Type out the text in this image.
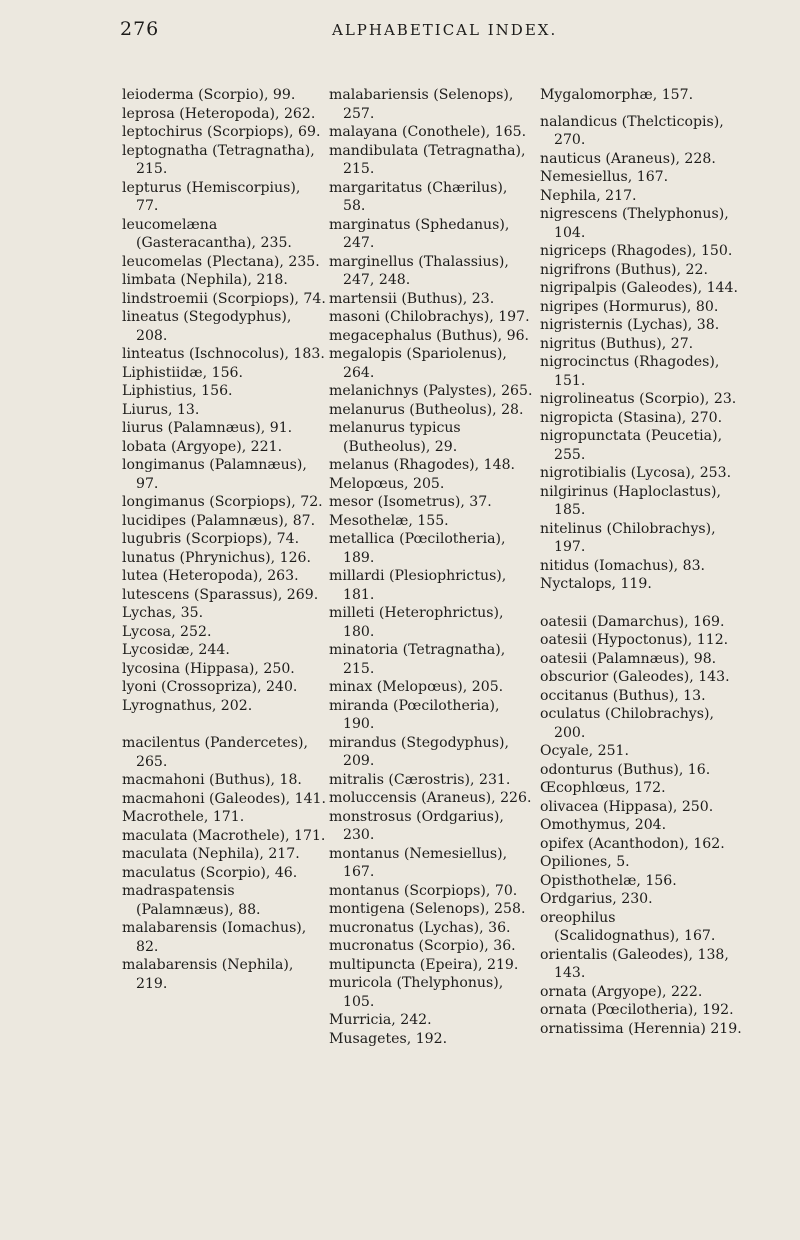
276	ALPHABETICAL INDEX.

leioderma (Scorpio), 99.

leprosa (Heteropoda), 262.

leptochirus (Scorpiops), 69.

leptognatha (Tetragnatha), 215.

lepturus (Hemiscorpius), 77.

leucomelæna (Gasteracantha), 235.

leucomelas (Plectana), 235.

limbata (Nephila), 218.

lindstroemii (Scorpiops), 74.

lineatus (Stegodyphus), 208.

linteatus (Ischnocolus), 183.

Liphistiidæ, 156.

Liphistius, 156.

Liurus, 13.

liurus (Palamnæus), 91.

lobata (Argyope), 221.

longimanus (Palamnæus), 97.

longimanus (Scorpiops), 72.

lucidipes (Palamnæus), 87.

lugubris (Scorpiops), 74.

lunatus (Phrynichus), 126.

lutea (Heteropoda), 263.

lutescens (Sparassus), 269.

Lychas, 35.

Lycosa, 252.

Lycosidæ, 244.

lycosina (Hippasa), 250.

lyoni (Crossopriza), 240.

Lyrognathus, 202.

macilentus (Pandercetes), 265.

macmahoni (Buthus), 18.

macmahoni (Galeodes), 141.

Macrothele, 171.

maculata (Macrothele), 171.

maculata (Nephila), 217.

maculatus (Scorpio), 46.

madraspatensis (Palamnæus), 88.

malabarensis (Iomachus), 82.

malabarensis (Nephila), 219.

malabariensis (Selenops), 257.

malayana (Conothele), 165.

mandibulata (Tetragnatha), 215.

margaritatus (Chærilus), 58.

marginatus (Sphedanus), 247.

marginellus (Thalassius), 247, 248.

martensii (Buthus), 23.

masoni (Chilobrachys), 197.

megacephalus (Buthus), 96.

megalopis (Spariolenus), 264.

melanichnys (Palystes), 265.

melanurus (Butheolus), 28.

melanurus typicus (Butheolus), 29.

melanus (Rhagodes), 148.

Melopœus, 205.

mesor (Isometrus), 37.

Mesothelæ, 155.

metallica (Pœcilotheria), 189.

millardi (Plesiophrictus), 181.

milleti (Heterophrictus), 180.

minatoria (Tetragnatha), 215.

minax (Melopœus), 205.

miranda (Pœcilotheria), 190.

mirandus (Stegodyphus), 209.

mitralis (Cærostris), 231.

moluccensis (Araneus), 226.

monstrosus (Ordgarius), 230.

montanus (Nemesiellus), 167.

montanus (Scorpiops), 70.

montigena (Selenops), 258.

mucronatus (Lychas), 36.

mucronatus (Scorpio), 36.

multipuncta (Epeira), 219.

muricola (Thelyphonus), 105.

Murricia, 242.

Musagetes, 192.

Mygalomorphæ, 157.

nalandicus (Thelcticopis), 270.

nauticus (Araneus), 228.

Nemesiellus, 167.

Nephila, 217.

nigrescens (Thelyphonus), 104.

nigriceps (Rhagodes), 150.

nigrifrons (Buthus), 22.

nigripalpis (Galeodes), 144.

nigripes (Hormurus), 80.

nigristernis (Lychas), 38.

nigritus (Buthus), 27.

nigrocinctus (Rhagodes), 151.

nigrolineatus (Scorpio), 23.

nigropicta (Stasina), 270.

nigropunctata (Peucetia), 255.

nigrotibialis (Lycosa), 253.

nilgirinus (Haploclastus), 185.

nitelinus (Chilobrachys), 197.

nitidus (Iomachus), 83.

Nyctalops, 119.

oatesii (Damarchus), 169.

oatesii (Hypoctonus), 112.

oatesii (Palamnæus), 98.

obscurior (Galeodes), 143.

occitanus (Buthus), 13.

oculatus (Chilobrachys), 200.

Ocyale, 251.

odonturus (Buthus), 16.

Œcophlœus, 172.

olivacea (Hippasa), 250.

Omothymus, 204.

opifex (Acanthodon), 162.

Opiliones, 5.

Opisthothelæ, 156.

Ordgarius, 230.

oreophilus (Scalidognathus), 167.

orientalis (Galeodes), 138, 143.

ornata (Argyope), 222.

ornata (Pœcilotheria), 192.

ornatissima (Herennia) 219.
